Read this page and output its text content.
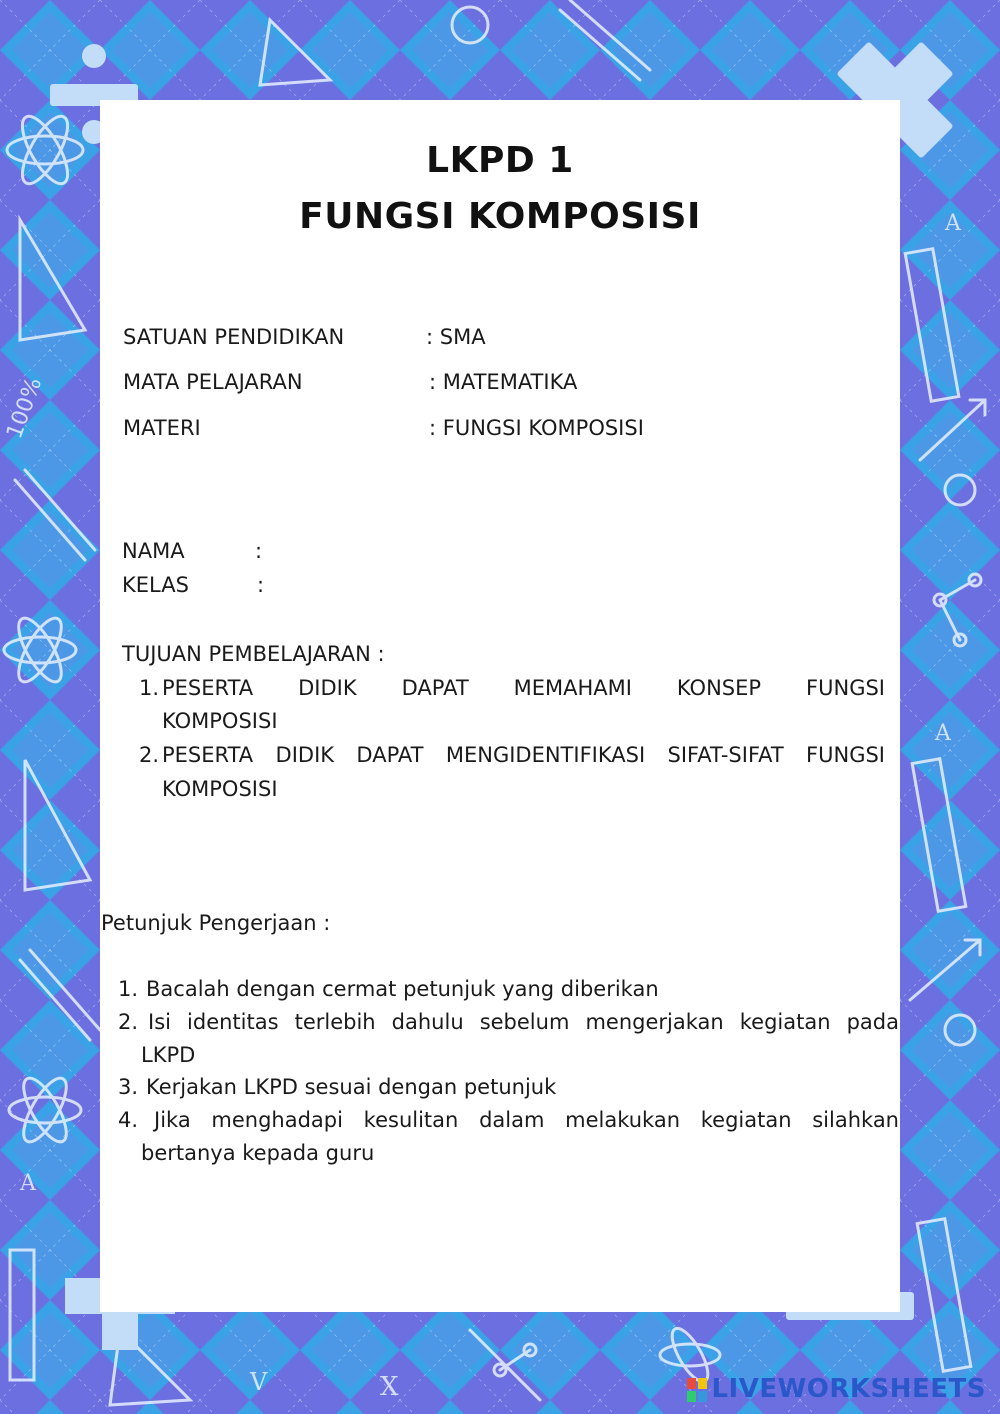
100%
A
A
X
V
A
LKPD 1
FUNGSI KOMPOSISI
SATUAN PENDIDIKAN	: SMA
MATA PELAJARAN	: MATEMATIKA
MATERI	: FUNGSI KOMPOSISI
NAMA	:
KELAS	:
TUJUAN PEMBELAJARAN :
1. PESERTA DIDIK DAPAT MEMAHAMI KONSEP FUNGSI
KOMPOSISI
2. PESERTA DIDIK DAPAT MENGIDENTIFIKASI SIFAT-SIFAT FUNGSI
KOMPOSISI
Petunjuk Pengerjaan :
1. Bacalah dengan cermat petunjuk yang diberikan
2. Isi identitas terlebih dahulu sebelum mengerjakan kegiatan pada
LKPD
3. Kerjakan LKPD sesuai dengan petunjuk
4. Jika menghadapi kesulitan dalam melakukan kegiatan silahkan
bertanya kepada guru
LIVEWORKSHEETS
